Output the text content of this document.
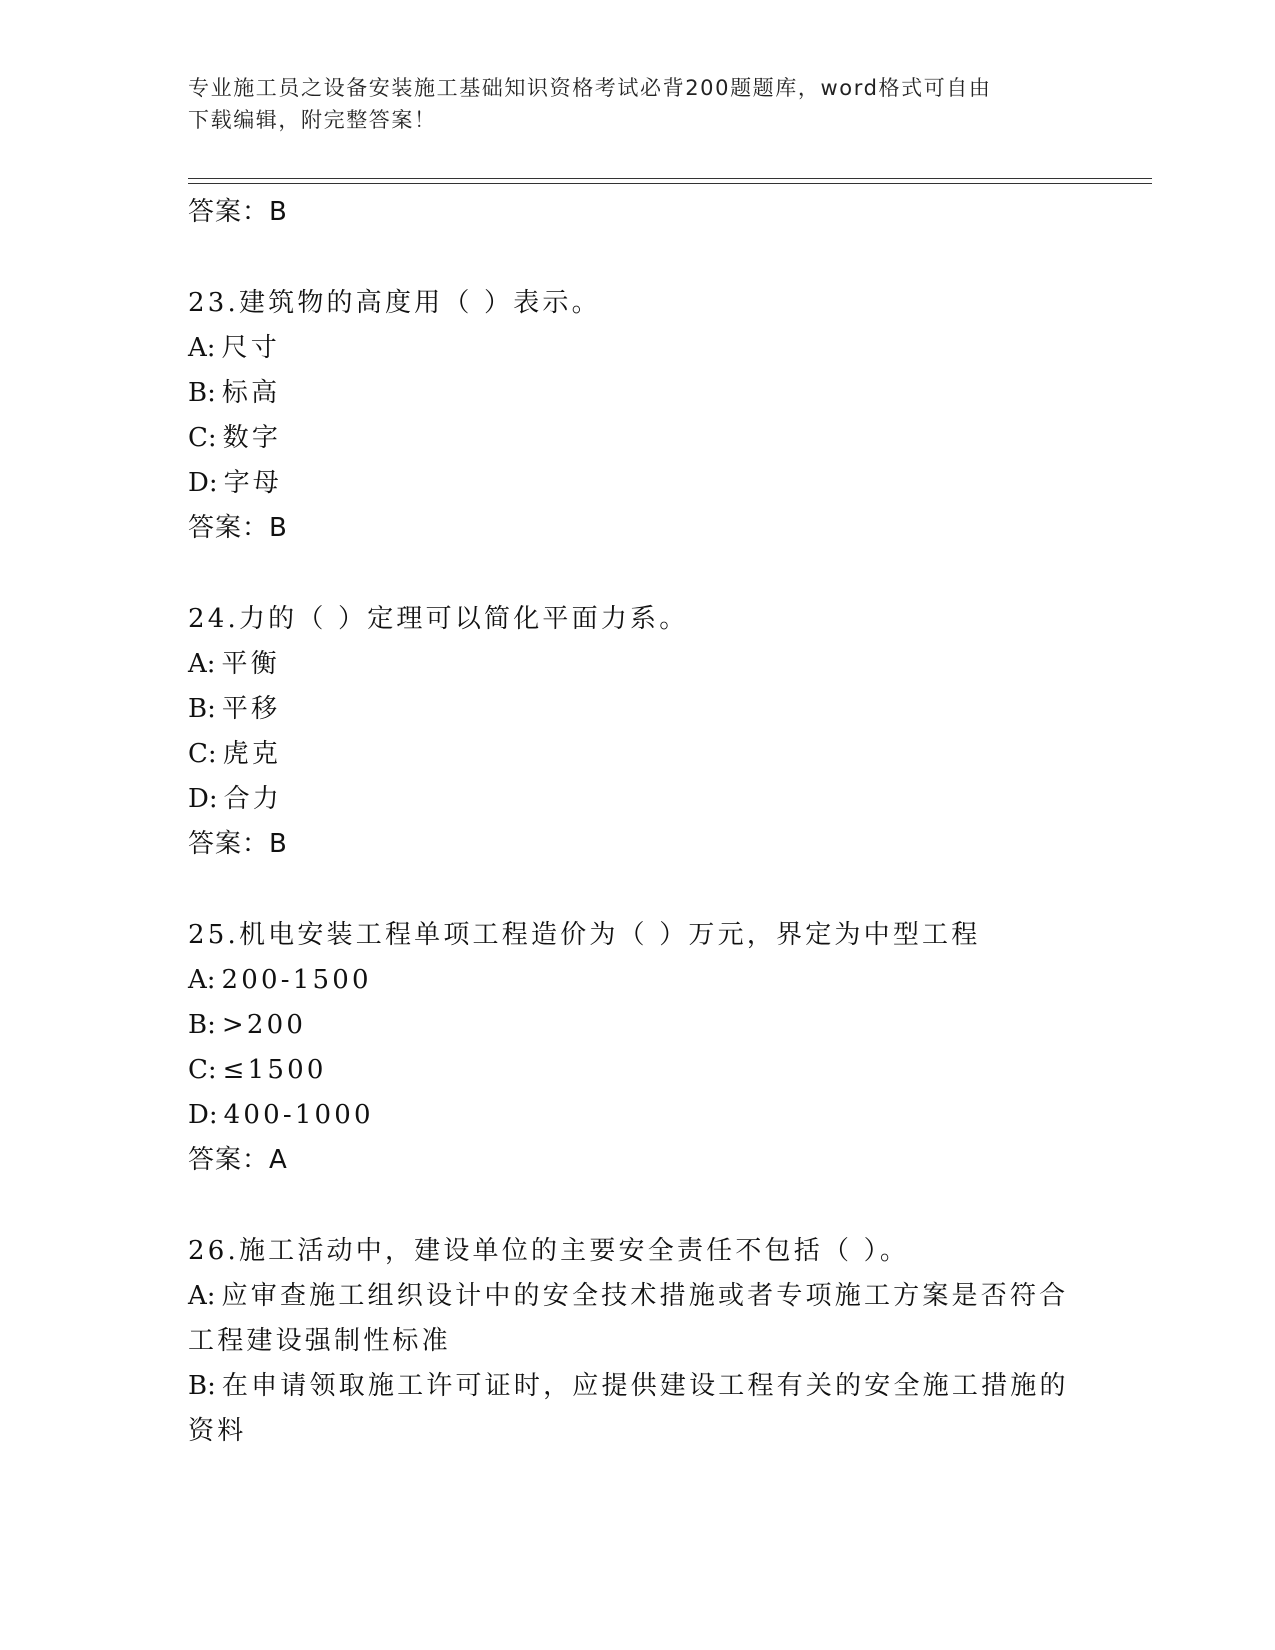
专业施工员之设备安装施工基础知识资格考试必背200题题库，word格式可自由
下载编辑，附完整答案！
答案：B
23.建筑物的高度用（ ）表示。
A: 尺寸
B: 标高
C: 数字
D: 字母
答案：B
24.力的（ ）定理可以简化平面力系。
A: 平衡
B: 平移
C: 虎克
D: 合力
答案：B
25.机电安装工程单项工程造价为（ ）万元，界定为中型工程
A: 200-1500
B: >200
C: ≤1500
D: 400-1000
答案：A
26.施工活动中，建设单位的主要安全责任不包括（ ）。
A: 应审查施工组织设计中的安全技术措施或者专项施工方案是否符合工程建设强制性标准
B: 在申请领取施工许可证时，应提供建设工程有关的安全施工措施的资料
